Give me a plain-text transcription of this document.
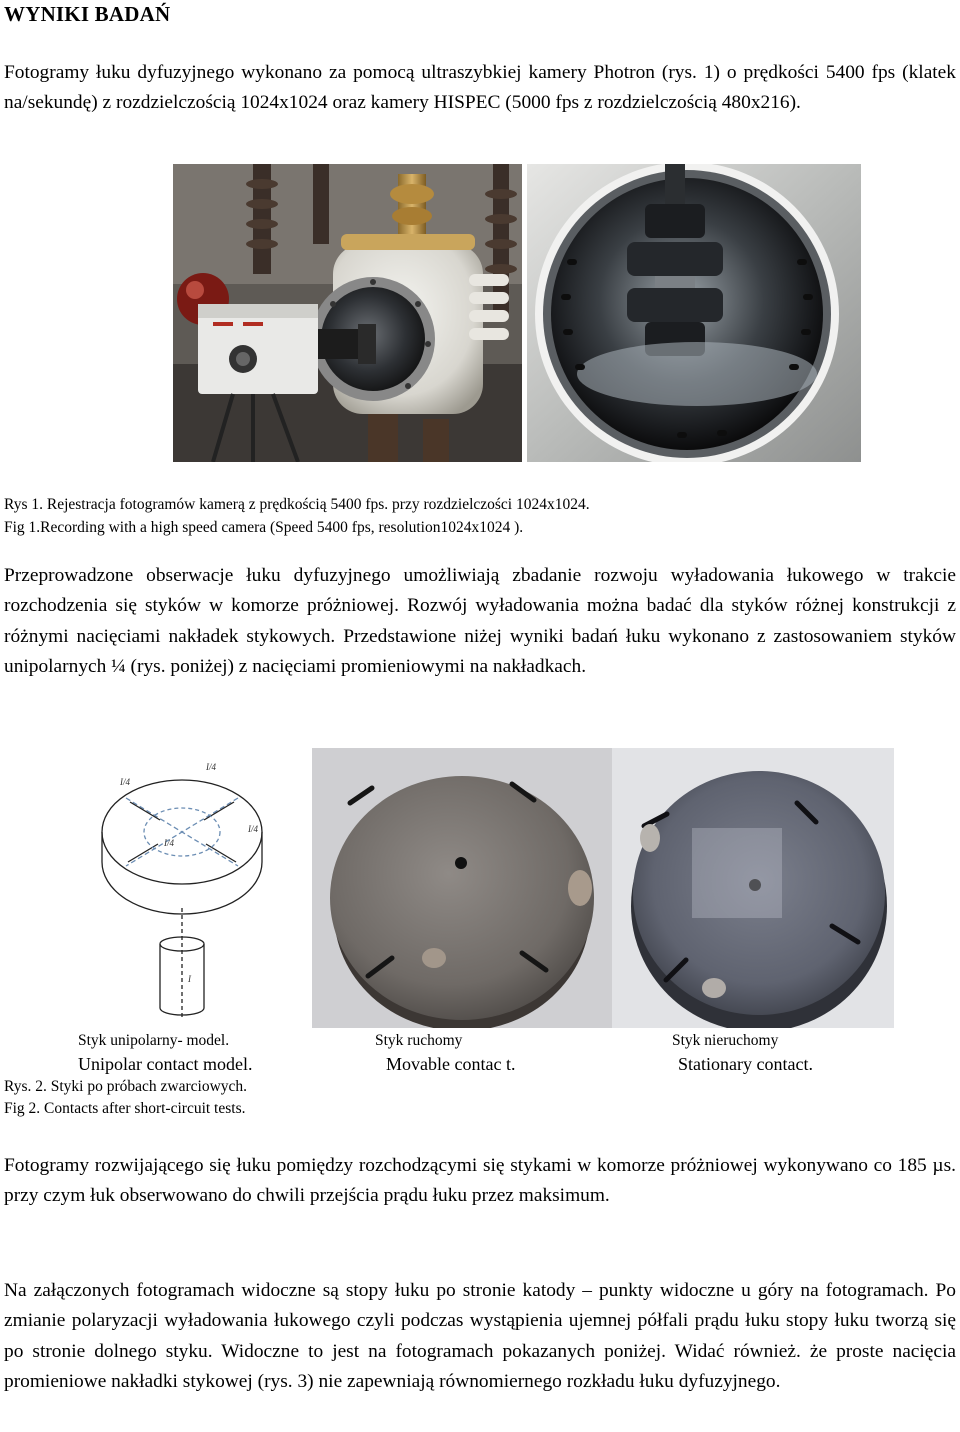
WYNIKI BADAŃ

Fotogramy łuku dyfuzyjnego wykonano za pomocą ultraszybkiej kamery Photron (rys. 1) o prędkości 5400 fps (klatek na/sekundę) z rozdzielczością 1024x1024 oraz kamery HISPEC (5000 fps z rozdzielczością 480x216).

Rys 1. Rejestracja fotogramów kamerą z prędkością 5400 fps. przy rozdzielczości 1024x1024.
Fig 1.Recording with a high speed camera (Speed 5400 fps, resolution1024x1024 ).

Przeprowadzone obserwacje łuku dyfuzyjnego umożliwiają zbadanie rozwoju wyładowania łukowego w trakcie rozchodzenia się styków w komorze próżniowej. Rozwój wyładowania można badać dla styków różnej konstrukcji z różnymi nacięciami nakładek stykowych. Przedstawione niżej wyniki badań łuku wykonano z zastosowaniem styków unipolarnych ¼ (rys. poniżej) z nacięciami promieniowymi na nakładkach.

I/4
I/4
I/4
I/4
I
Styk unipolarny- model.
Unipolar contact model.
Styk ruchomy
Movable contac t.
Styk nieruchomy
Stationary contact.
Rys. 2. Styki po próbach zwarciowych.
Fig 2. Contacts after short-circuit tests.

Fotogramy rozwijającego się łuku pomiędzy rozchodzącymi się stykami w komorze próżniowej wykonywano co 185 µs. przy czym łuk obserwowano do chwili przejścia prądu łuku przez maksimum.

Na załączonych fotogramach widoczne są stopy łuku po stronie katody – punkty widoczne u góry na fotogramach. Po zmianie polaryzacji wyładowania łukowego czyli podczas wystąpienia ujemnej półfali prądu łuku stopy łuku tworzą się po stronie dolnego styku. Widoczne to jest na fotogramach pokazanych poniżej. Widać również. że proste nacięcia promieniowe nakładki stykowej (rys. 3) nie zapewniają równomiernego rozkładu łuku dyfuzyjnego.
